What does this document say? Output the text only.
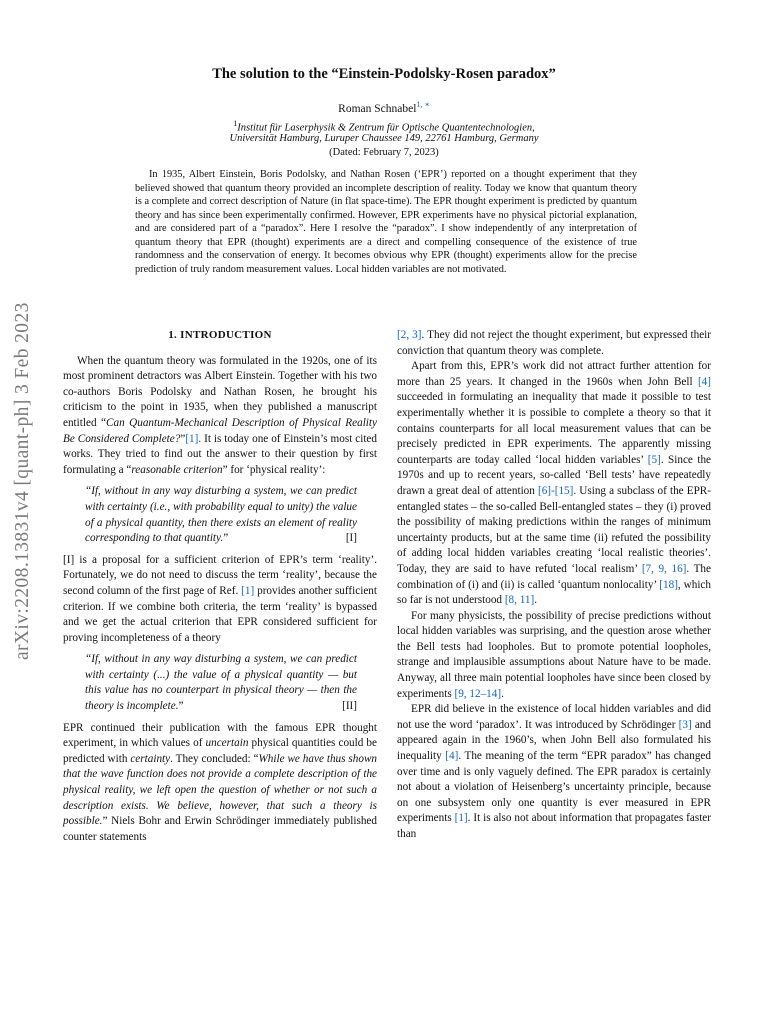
arXiv:2208.13831v4 [quant-ph] 3 Feb 2023
The solution to the “Einstein-Podolsky-Rosen paradox”
Roman Schnabel$^{1, ∗}$
$^1$Institut für Laserphysik & Zentrum für Optische Quantentechnologien,
Universität Hamburg, Luruper Chaussee 149, 22761 Hamburg, Germany
(Dated: February 7, 2023)
In 1935, Albert Einstein, Boris Podolsky, and Nathan Rosen (‘EPR’) reported on a thought experiment that they believed showed that quantum theory provided an incomplete description of reality. Today we know that quantum theory is a complete and correct description of Nature (in flat space-time). The EPR thought experiment is predicted by quantum theory and has since been experimentally confirmed. However, EPR experiments have no physical pictorial explanation, and are considered part of a “paradox”. Here I resolve the “paradox”. I show independently of any interpretation of quantum theory that EPR (thought) experiments are a direct and compelling consequence of the existence of true randomness and the conservation of energy. It becomes obvious why EPR (thought) experiments allow for the precise prediction of truly random measurement values. Local hidden variables are not motivated.

1. INTRODUCTION

When the quantum theory was formulated in the 1920s, one of its most prominent detractors was Albert Einstein. Together with his two co-authors Boris Podolsky and Nathan Rosen, he brought his criticism to the point in 1935, when they published a manuscript entitled “Can Quantum-Mechanical Description of Physical Reality Be Considered Complete?”[1]. It is today one of Einstein’s most cited works. They tried to find out the answer to their question by first formulating a “reasonable criterion” for ‘physical reality’:

“If, without in any way disturbing a system, we can predict with certainty (i.e., with probability equal to unity) the value of a physical quantity, then there exists an element of reality corresponding to that quantity.”	[I]

[I] is a proposal for a sufficient criterion of EPR’s term ‘reality’. Fortunately, we do not need to discuss the term ‘reality’, because the second column of the first page of Ref. [1] provides another sufficient criterion. If we combine both criteria, the term ‘reality’ is bypassed and we get the actual criterion that EPR considered sufficient for proving incompleteness of a theory

“If, without in any way disturbing a system, we can predict with certainty (...) the value of a physical quantity — but this value has no counterpart in physical theory — then the theory is incomplete.”	[II]

EPR continued their publication with the famous EPR thought experiment, in which values of uncertain physical quantities could be predicted with certainty. They concluded: “While we have thus shown that the wave function does not provide a complete description of the physical reality, we left open the question of whether or not such a description exists. We believe, however, that such a theory is possible.” Niels Bohr and Erwin Schrödinger immediately published counter statements

[2, 3]. They did not reject the thought experiment, but expressed their conviction that quantum theory was complete.

Apart from this, EPR’s work did not attract further attention for more than 25 years. It changed in the 1960s when John Bell [4] succeeded in formulating an inequality that made it possible to test experimentally whether it is possible to complete a theory so that it contains counterparts for all local measurement values that can be precisely predicted in EPR experiments. The apparently missing counterparts are today called ‘local hidden variables’ [5]. Since the 1970s and up to recent years, so-called ‘Bell tests’ have repeatedly drawn a great deal of attention [6]-[15]. Using a subclass of the EPR-entangled states – the so-called Bell-entangled states – they (i) proved the possibility of making predictions within the ranges of minimum uncertainty products, but at the same time (ii) refuted the possibility of adding local hidden variables creating ‘local realistic theories’. Today, they are said to have refuted ‘local realism’ [7, 9, 16]. The combination of (i) and (ii) is called ‘quantum nonlocality’ [18], which so far is not understood [8, 11].

For many physicists, the possibility of precise predictions without local hidden variables was surprising, and the question arose whether the Bell tests had loopholes. But to promote potential loopholes, strange and implausible assumptions about Nature have to be made. Anyway, all three main potential loopholes have since been closed by experiments [9, 12–14].

EPR did believe in the existence of local hidden variables and did not use the word ‘paradox’. It was introduced by Schrödinger [3] and appeared again in the 1960’s, when John Bell also formulated his inequality [4]. The meaning of the term “EPR paradox” has changed over time and is only vaguely defined. The EPR paradox is certainly not about a violation of Heisenberg’s uncertainty principle, because on one subsystem only one quantity is ever measured in EPR experiments [1]. It is also not about information that propagates faster than
